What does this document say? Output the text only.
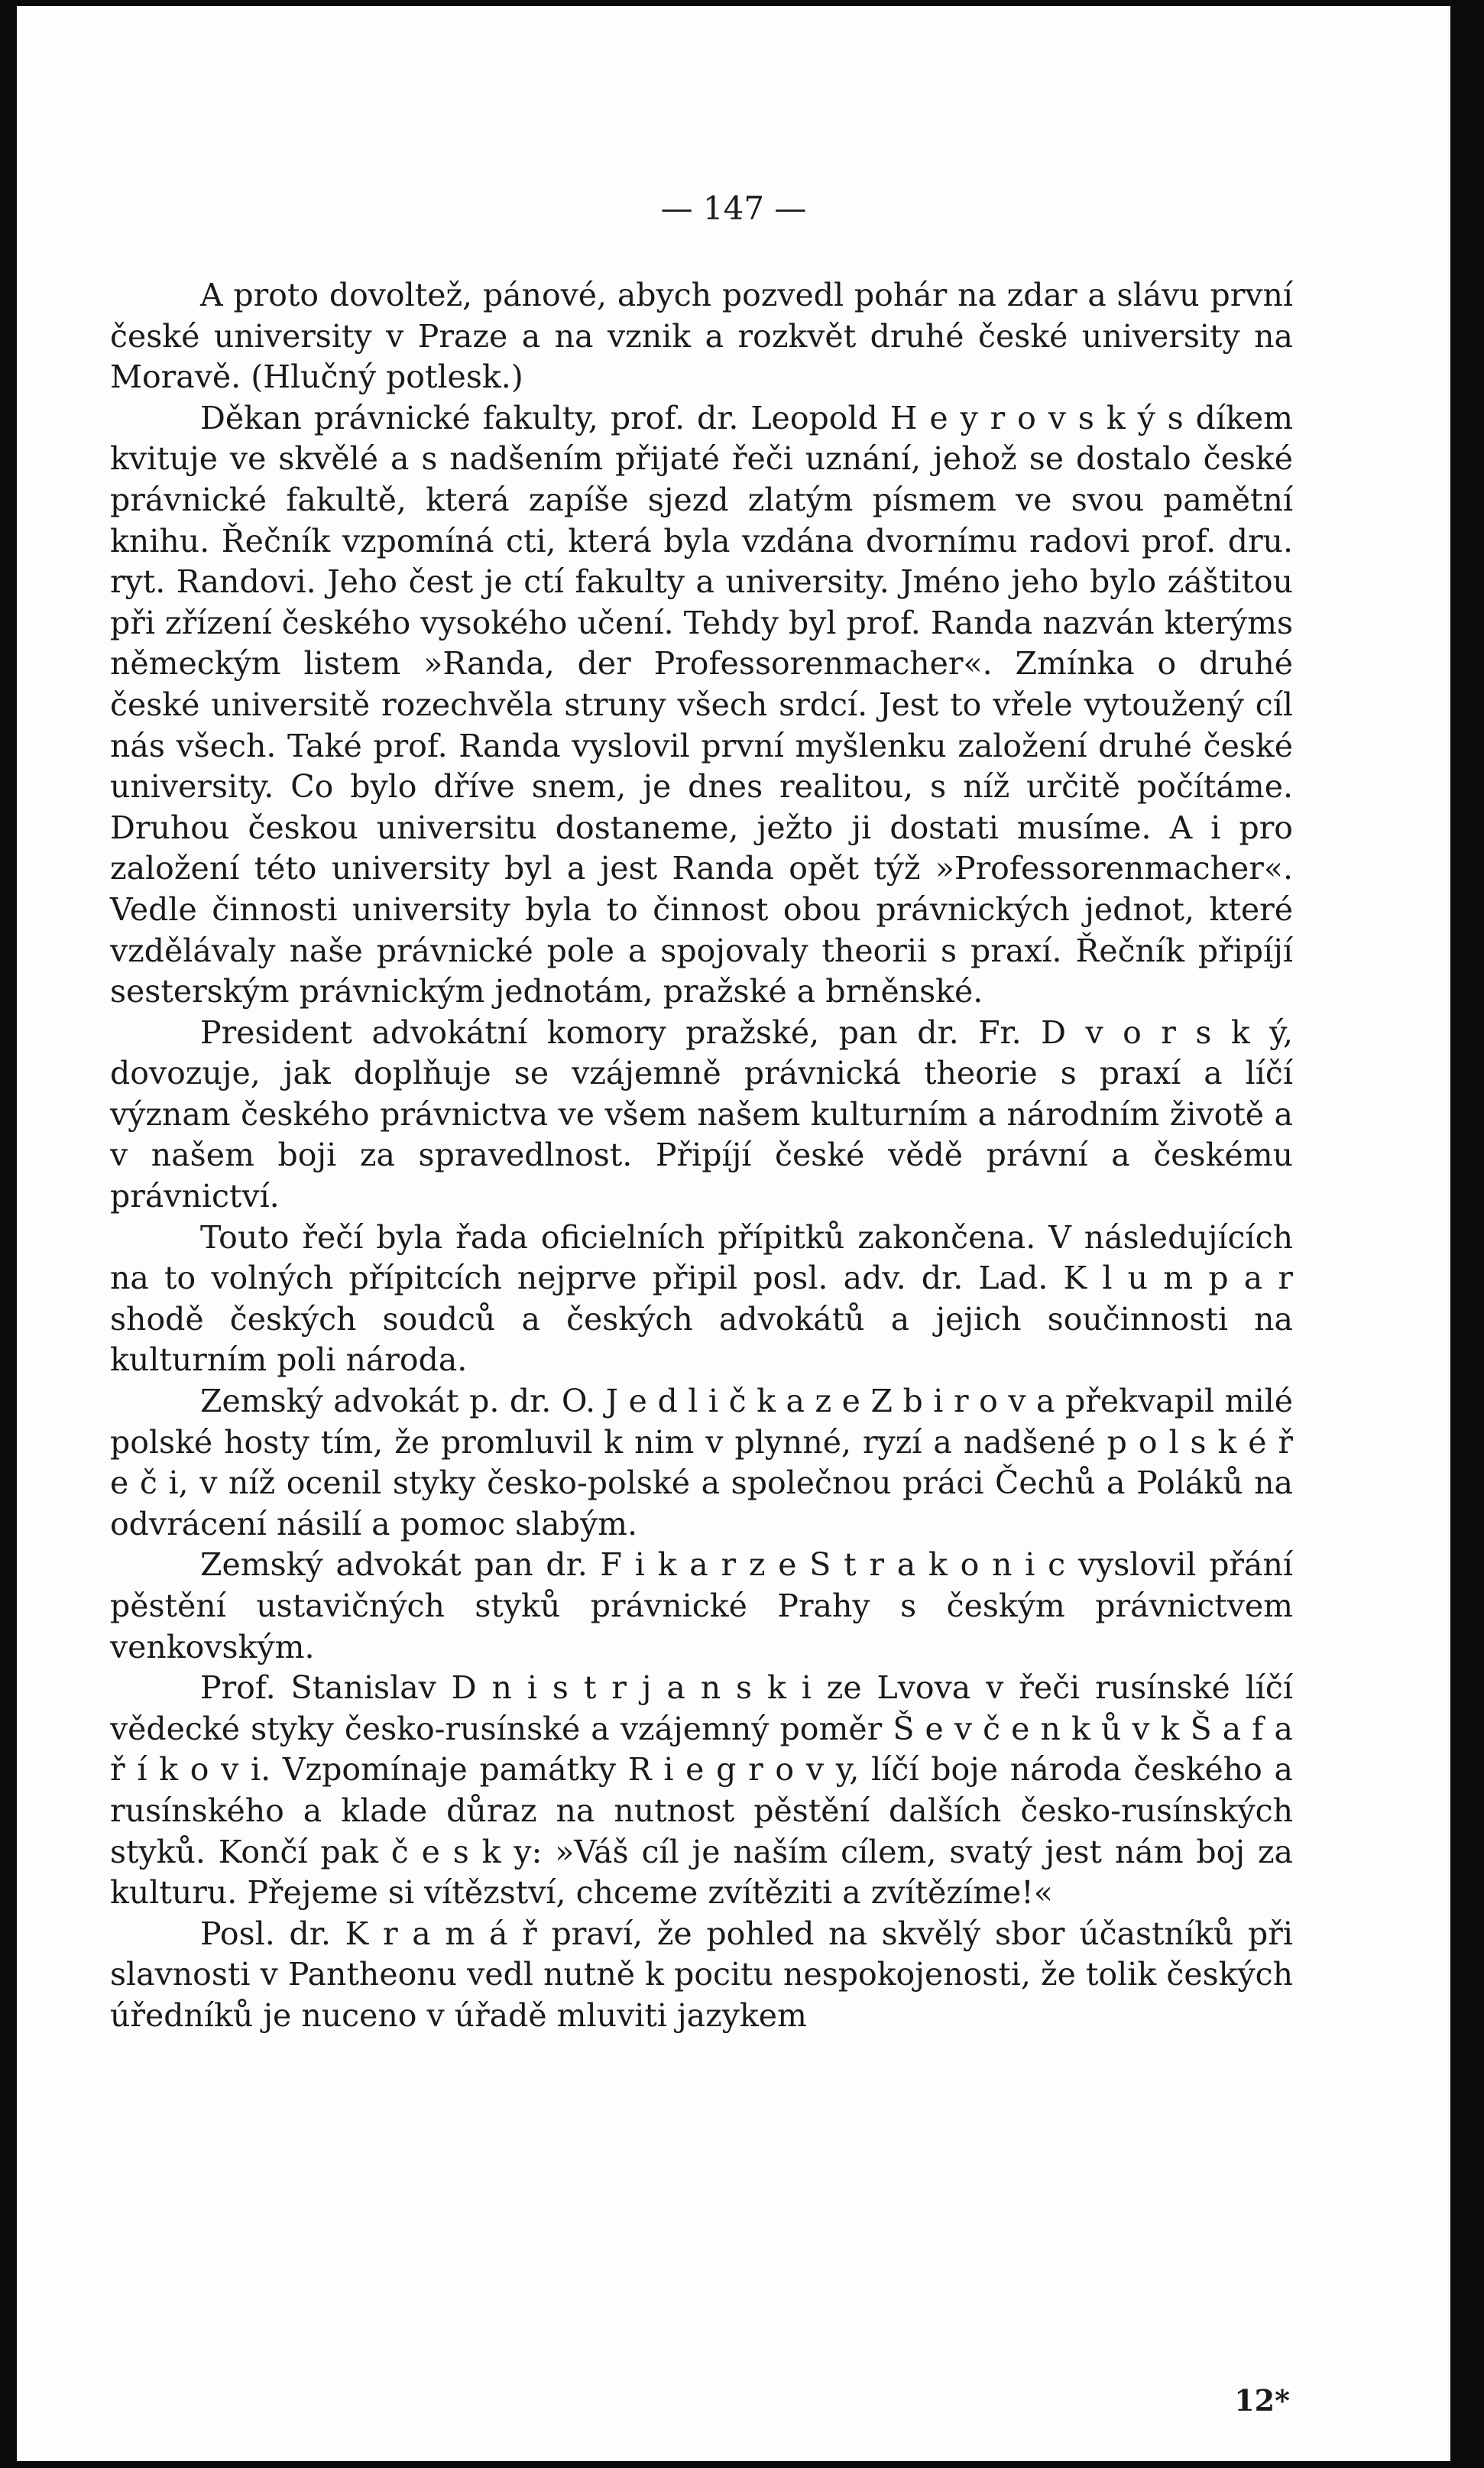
— 147 —

A proto dovoltež, pánové, abych pozvedl pohár na zdar a slávu první české university v Praze a na vznik a rozkvět druhé české university na Moravě. (Hlučný potlesk.)

Děkan právnické fakulty, prof. dr. Leopold H e y r o v s k ý s díkem kvituje ve skvělé a s nadšením přijaté řeči uznání, jehož se dostalo české právnické fakultě, která zapíše sjezd zlatým písmem ve svou pamětní knihu. Řečník vzpomíná cti, která byla vzdána dvornímu radovi prof. dru. ryt. Randovi. Jeho čest je ctí fakulty a university. Jméno jeho bylo záštitou při zřízení českého vysokého učení. Tehdy byl prof. Randa nazván kterýms německým listem »Randa, der Professorenmacher«. Zmínka o druhé české universitě rozechvěla struny všech srdcí. Jest to vřele vytoužený cíl nás všech. Také prof. Randa vyslovil první myšlenku založení druhé české university. Co bylo dříve snem, je dnes realitou, s níž určitě počítáme. Druhou českou universitu dostaneme, ježto ji dostati musíme. A i pro založení této university byl a jest Randa opět týž »Professorenmacher«. Vedle činnosti university byla to činnost obou právnických jednot, které vzdělávaly naše právnické pole a spojovaly theorii s praxí. Řečník připíjí sesterským právnickým jednotám, pražské a brněnské.

President advokátní komory pražské, pan dr. Fr. D v o r s k ý, dovozuje, jak doplňuje se vzájemně právnická theorie s praxí a líčí význam českého právnictva ve všem našem kulturním a národním životě a v našem boji za spravedlnost. Připíjí české vědě právní a českému právnictví.

Touto řečí byla řada oficielních přípitků zakončena. V následujících na to volných přípitcích nejprve připil posl. adv. dr. Lad. K l u m p a r shodě českých soudců a českých advokátů a jejich součinnosti na kulturním poli národa.

Zemský advokát p. dr. O. J e d l i č k a z e Z b i r o v a překvapil milé polské hosty tím, že promluvil k nim v plynné, ryzí a nadšené p o l s k é ř e č i, v níž ocenil styky česko-polské a společnou práci Čechů a Poláků na odvrácení násilí a pomoc slabým.

Zemský advokát pan dr. F i k a r z e S t r a k o n i c vyslovil přání pěstění ustavičných styků právnické Prahy s českým právnictvem venkovským.

Prof. Stanislav D n i s t r j a n s k i ze Lvova v řeči rusínské líčí vědecké styky česko-rusínské a vzájemný poměr Š e v č e n k ů v k Š a f a ř í k o v i. Vzpomínaje památky R i e g r o v y, líčí boje národa českého a rusínského a klade důraz na nutnost pěstění dalších česko-rusínských styků. Končí pak č e s k y: »Váš cíl je naším cílem, svatý jest nám boj za kulturu. Přejeme si vítězství, chceme zvítěziti a zvítězíme!«

Posl. dr. K r a m á ř praví, že pohled na skvělý sbor účastníků při slavnosti v Pantheonu vedl nutně k pocitu nespokojenosti, že tolik českých úředníků je nuceno v úřadě mluviti jazykem

12*
